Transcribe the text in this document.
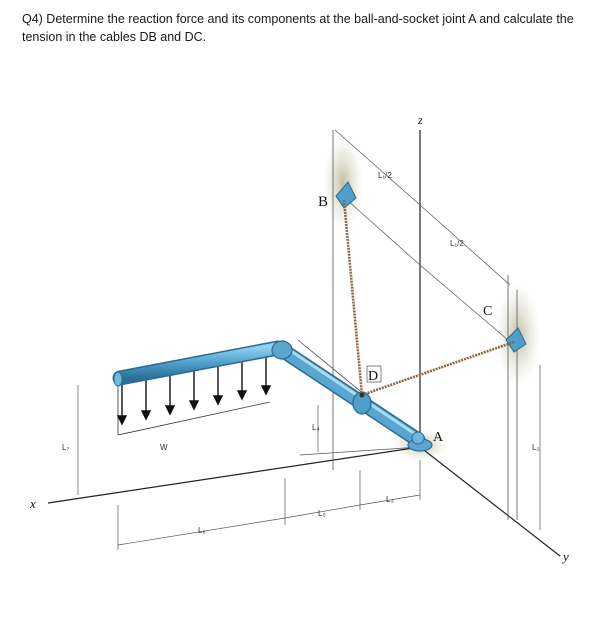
Q4) Determine the reaction force and its components at the ball-and-socket joint A and calculate the tension in the cables DB and DC.
B
C
D
A
x
y
z
L₁/2
L₁/2
L₂
L₃
L₄
L₅
L₆
L₇	W
